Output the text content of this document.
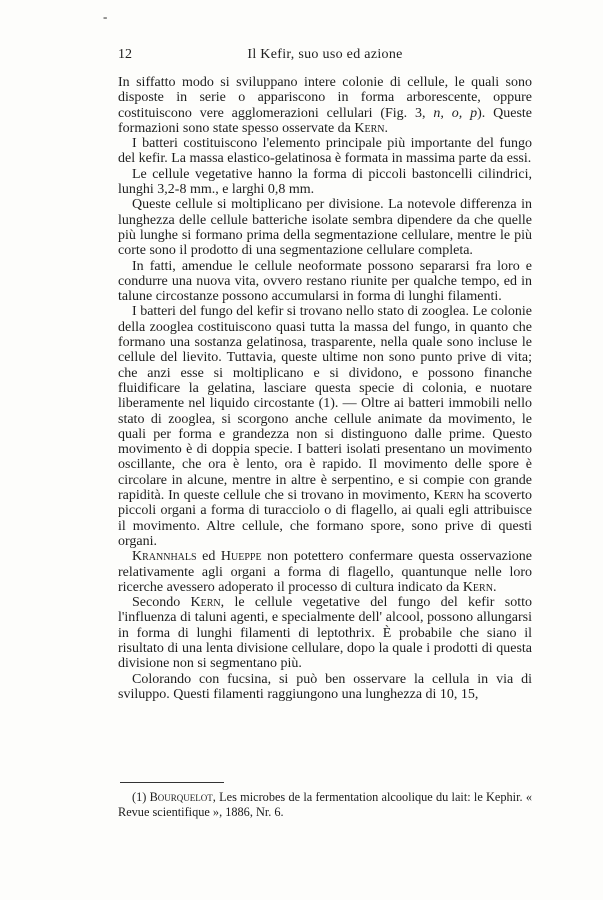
-
12	Il Kefir, suo uso ed azione

In siffatto modo si sviluppano intere colonie di cellule, le quali sono disposte in serie o appariscono in forma arborescente, oppure costituiscono vere agglomerazioni cellulari (Fig. 3, n, o, p). Queste formazioni sono state spesso osservate da Kern.

I batteri costituiscono l'elemento principale più importante del fungo del kefir. La massa elastico-gelatinosa è formata in massima parte da essi.

Le cellule vegetative hanno la forma di piccoli bastoncelli cilindrici, lunghi 3,2-8 mm., e larghi 0,8 mm.

Queste cellule si moltiplicano per divisione. La notevole differenza in lunghezza delle cellule batteriche isolate sembra dipendere da che quelle più lunghe si formano prima della segmentazione cellulare, mentre le più corte sono il prodotto di una segmentazione cellulare completa.

In fatti, amendue le cellule neoformate possono separarsi fra loro e condurre una nuova vita, ovvero restano riunite per qualche tempo, ed in talune circostanze possono accumularsi in forma di lunghi filamenti.

I batteri del fungo del kefir si trovano nello stato di zooglea. Le colonie della zooglea costituiscono quasi tutta la massa del fungo, in quanto che formano una sostanza gelatinosa, trasparente, nella quale sono incluse le cellule del lievito. Tuttavia, queste ultime non sono punto prive di vita; che anzi esse si moltiplicano e si dividono, e possono finanche fluidificare la gelatina, lasciare questa specie di colonia, e nuotare liberamente nel liquido circostante (1). — Oltre ai batteri immobili nello stato di zooglea, si scorgono anche cellule animate da movimento, le quali per forma e grandezza non si distinguono dalle prime. Questo movimento è di doppia specie. I batteri isolati presentano un movimento oscillante, che ora è lento, ora è rapido. Il movimento delle spore è circolare in alcune, mentre in altre è serpentino, e si compie con grande rapidità. In queste cellule che si trovano in movimento, Kern ha scoverto piccoli organi a forma di turacciolo o di flagello, ai quali egli attribuisce il movimento. Altre cellule, che formano spore, sono prive di questi organi.

Krannhals ed Hueppe non potettero confermare questa osservazione relativamente agli organi a forma di flagello, quantunque nelle loro ricerche avessero adoperato il processo di cultura indicato da Kern.

Secondo Kern, le cellule vegetative del fungo del kefir sotto l'influenza di taluni agenti, e specialmente dell' alcool, possono allungarsi in forma di lunghi filamenti di leptothrix. È probabile che siano il risultato di una lenta divisione cellulare, dopo la quale i prodotti di questa divisione non si segmentano più.

Colorando con fucsina, si può ben osservare la cellula in via di sviluppo. Questi filamenti raggiungono una lunghezza di 10, 15,

(1) Bourquelot, Les microbes de la fermentation alcoolique du lait: le Kephir. « Revue scientifique », 1886, Nr. 6.
